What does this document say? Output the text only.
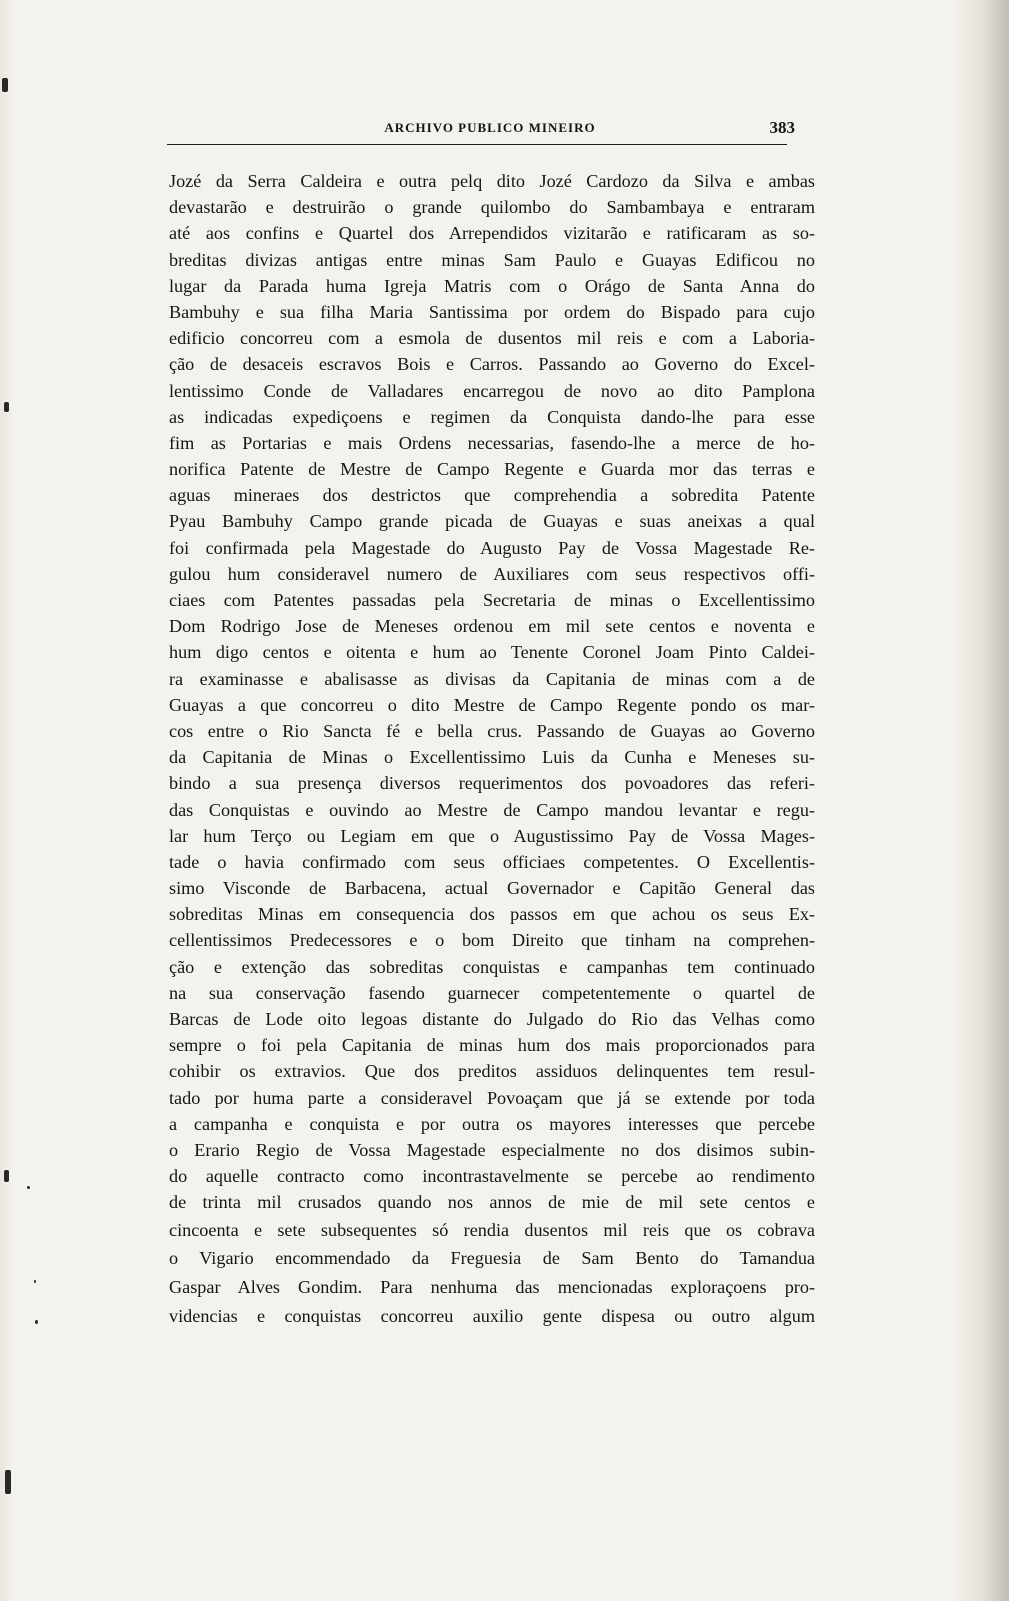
ARCHIVO PUBLICO MINEIRO	383
Jozé da Serra Caldeira e outra pelq dito Jozé Cardozo da Silva e ambas
devastarão e destruirão o grande quilombo do Sambambaya e entraram
até aos confins e Quartel dos Arrependidos vizitarão e ratificaram as so-
breditas divizas antigas entre minas Sam Paulo e Guayas Edificou no
lugar da Parada huma Igreja Matris com o Orágo de Santa Anna do
Bambuhy e sua filha Maria Santissima por ordem do Bispado para cujo
edificio concorreu com a esmola de dusentos mil reis e com a Laboria-
ção de desaceis escravos Bois e Carros. Passando ao Governo do Excel-
lentissimo Conde de Valladares encarregou de novo ao dito Pamplona
as indicadas expediçoens e regimen da Conquista dando-lhe para esse
fim as Portarias e mais Ordens necessarias, fasendo-lhe a merce de ho-
norifica Patente de Mestre de Campo Regente e Guarda mor das terras e
aguas mineraes dos destrictos que comprehendia a sobredita Patente
Pyau Bambuhy Campo grande picada de Guayas e suas aneixas a qual
foi confirmada pela Magestade do Augusto Pay de Vossa Magestade Re-
gulou hum consideravel numero de Auxiliares com seus respectivos offi-
ciaes com Patentes passadas pela Secretaria de minas o Excellentissimo
Dom Rodrigo Jose de Meneses ordenou em mil sete centos e noventa e
hum digo centos e oitenta e hum ao Tenente Coronel Joam Pinto Caldei-
ra examinasse e abalisasse as divisas da Capitania de minas com a de
Guayas a que concorreu o dito Mestre de Campo Regente pondo os mar-
cos entre o Rio Sancta fé e bella crus. Passando de Guayas ao Governo
da Capitania de Minas o Excellentissimo Luis da Cunha e Meneses su-
bindo a sua presença diversos requerimentos dos povoadores das referi-
das Conquistas e ouvindo ao Mestre de Campo mandou levantar e regu-
lar hum Terço ou Legiam em que o Augustissimo Pay de Vossa Mages-
tade o havia confirmado com seus officiaes competentes. O Excellentis-
simo Visconde de Barbacena, actual Governador e Capitão General das
sobreditas Minas em consequencia dos passos em que achou os seus Ex-
cellentissimos Predecessores e o bom Direito que tinham na comprehen-
ção e extenção das sobreditas conquistas e campanhas tem continuado
na sua conservação fasendo guarnecer competentemente o quartel de
Barcas de Lode oito legoas distante do Julgado do Rio das Velhas como
sempre o foi pela Capitania de minas hum dos mais proporcionados para
cohibir os extravios. Que dos preditos assiduos delinquentes tem resul-
tado por huma parte a consideravel Povoaçam que já se extende por toda
a campanha e conquista e por outra os mayores interesses que percebe
o Erario Regio de Vossa Magestade especialmente no dos disimos subin-
do aquelle contracto como incontrastavelmente se percebe ao rendimento
de trinta mil crusados quando nos annos de mie de mil sete centos e
cincoenta e sete subsequentes só rendia dusentos mil reis que os cobrava
o Vigario encommendado da Freguesia de Sam Bento do Tamandua
Gaspar Alves Gondim. Para nenhuma das mencionadas exploraçoens pro-
videncias e conquistas concorreu auxilio gente dispesa ou outro algum
